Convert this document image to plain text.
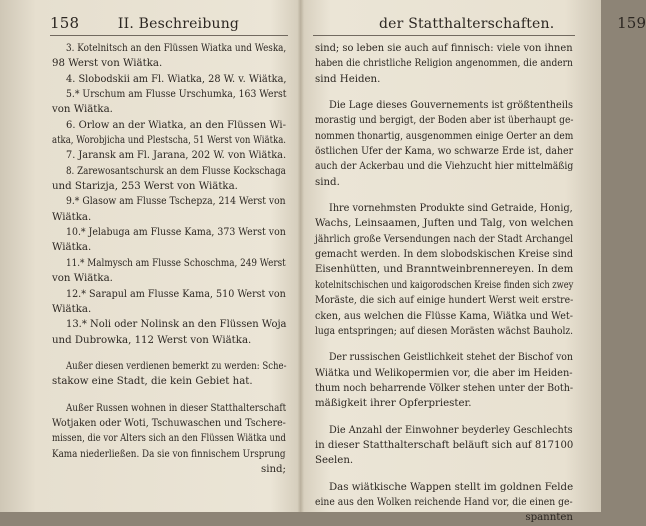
158	II. Beschreibung
3. Kotelnitsch an den Flüssen Wiatka und Weska,
98 Werst von Wiätka.
4. Slobodskii am Fl. Wiatka, 28 W. v. Wiätka,
5.* Urschum am Flusse Urschumka, 163 Werst
von Wiätka.
6. Orlow an der Wiatka, an den Flüssen Wi-
atka, Worobjicha und Plestscha, 51 Werst von Wiätka.
7. Jaransk am Fl. Jarana, 202 W. von Wiätka.
8. Zarewosantschursk an dem Flusse Kockschaga
und Starizja, 253 Werst von Wiätka.
9.* Glasow am Flusse Tschepza, 214 Werst von
Wiätka.
10.* Jelabuga am Flusse Kama, 373 Werst von
Wiätka.
11.* Malmysch am Flusse Schoschma, 249 Werst
von Wiätka.
12.* Sarapul am Flusse Kama, 510 Werst von
Wiätka.
13.* Noli oder Nolinsk an den Flüssen Woja
und Dubrowka, 112 Werst von Wiätka.
Außer diesen verdienen bemerkt zu werden: Sche-
stakow eine Stadt, die kein Gebiet hat.
Außer Russen wohnen in dieser Statthalterschaft
Wotjaken oder Woti, Tschuwaschen und Tschere-
missen, die vor Alters sich an den Flüssen Wiätka und
Kama niederließen. Da sie von finnischem Ursprung
sind;
der Statthalterschaften.	159
sind; so leben sie auch auf finnisch: viele von ihnen
haben die christliche Religion angenommen, die andern
sind Heiden.
Die Lage dieses Gouvernements ist größtentheils
morastig und bergigt, der Boden aber ist überhaupt ge-
nommen thonartig, ausgenommen einige Oerter an dem
östlichen Ufer der Kama, wo schwarze Erde ist, daher
auch der Ackerbau und die Viehzucht hier mittelmäßig
sind.
Ihre vornehmsten Produkte sind Getraide, Honig,
Wachs, Leinsaamen, Juften und Talg, von welchen
jährlich große Versendungen nach der Stadt Archangel
gemacht werden. In dem slobodskischen Kreise sind
Eisenhütten, und Branntweinbrennereyen. In dem
kotelnitschischen und kaigorodschen Kreise finden sich zwey
Moräste, die sich auf einige hundert Werst weit erstre-
cken, aus welchen die Flüsse Kama, Wiätka und Wet-
luga entspringen; auf diesen Morästen wächst Bauholz.
Der russischen Geistlichkeit stehet der Bischof von
Wiätka und Welikopermien vor, die aber im Heiden-
thum noch beharrende Völker stehen unter der Both-
mäßigkeit ihrer Opferpriester.
Die Anzahl der Einwohner beyderley Geschlechts
in dieser Statthalterschaft beläuft sich auf 817100
Seelen.
Das wiätkische Wappen stellt im goldnen Felde
eine aus den Wolken reichende Hand vor, die einen ge-
spannten
